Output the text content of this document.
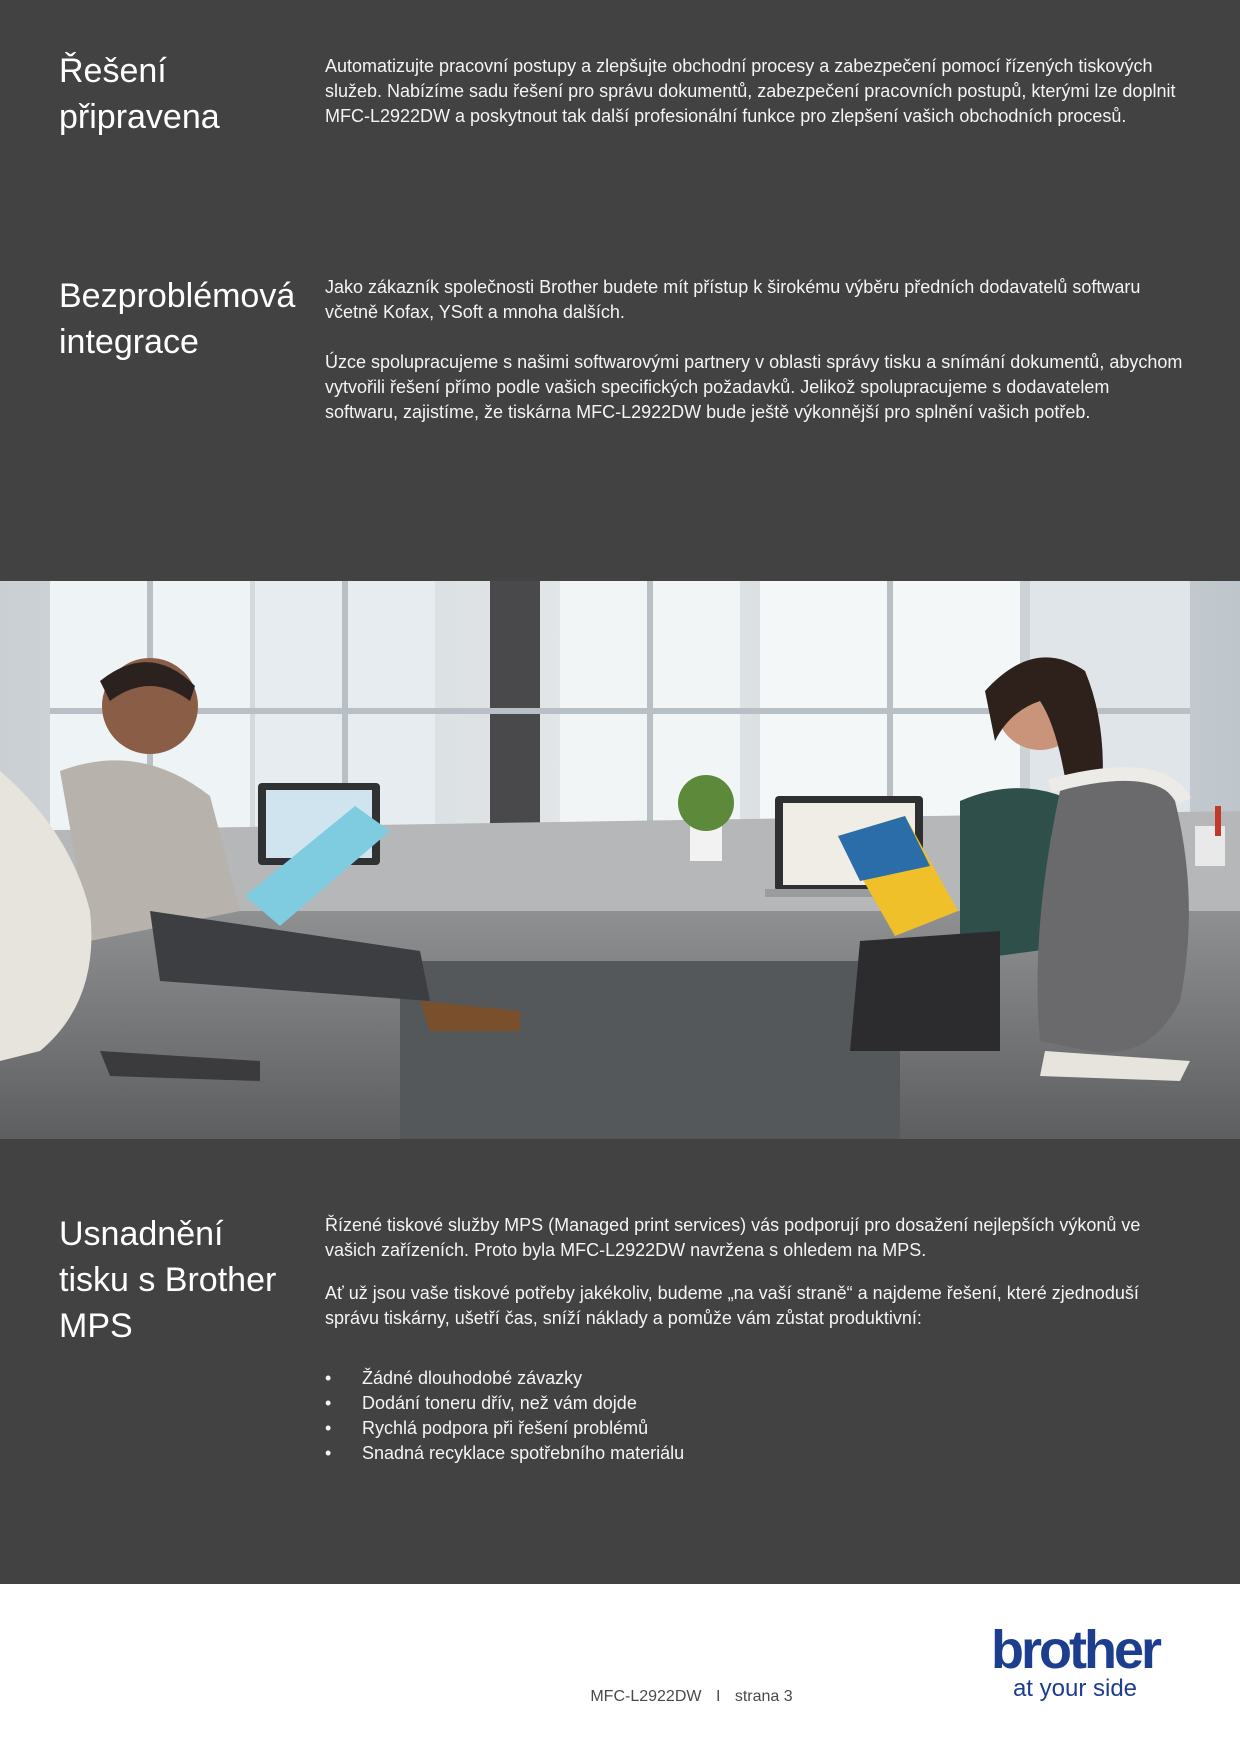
Řešení
připravena

Automatizujte pracovní postupy a zlepšujte obchodní procesy a zabezpečení pomocí řízených tiskových služeb. Nabízíme sadu řešení pro správu dokumentů, zabezpečení pracovních postupů, kterými lze doplnit MFC-L2922DW a poskytnout tak další profesionální funkce pro zlepšení vašich obchodních procesů.

Bezproblémová
integrace

Jako zákazník společnosti Brother budete mít přístup k širokému výběru předních dodavatelů softwaru včetně Kofax, YSoft a mnoha dalších.

Úzce spolupracujeme s našimi softwarovými partnery v oblasti správy tisku a snímání dokumentů, abychom vytvořili řešení přímo podle vašich specifických požadavků. Jelikož spolupracujeme s dodavatelem softwaru, zajistíme, že tiskárna MFC-L2922DW bude ještě výkonnější pro splnění vašich potřeb.

Usnadnění
tisku s Brother
MPS

Řízené tiskové služby MPS (Managed print services) vás podporují pro dosažení nejlepších výkonů ve vašich zařízeních. Proto byla MFC-L2922DW navržena s ohledem na MPS.

Ať už jsou vaše tiskové potřeby jakékoliv, budeme „na vaší straně“ a najdeme řešení, které zjednoduší správu tiskárny, ušetří čas, sníží náklady a pomůže vám zůstat produktivní:

• Žádné dlouhodobé závazky
• Dodání toneru dřív, než vám dojde
• Rychlá podpora při řešení problémů
• Snadná recyklace spotřebního materiálu
MFC-L2922DW I strana 3
brother
at your side
